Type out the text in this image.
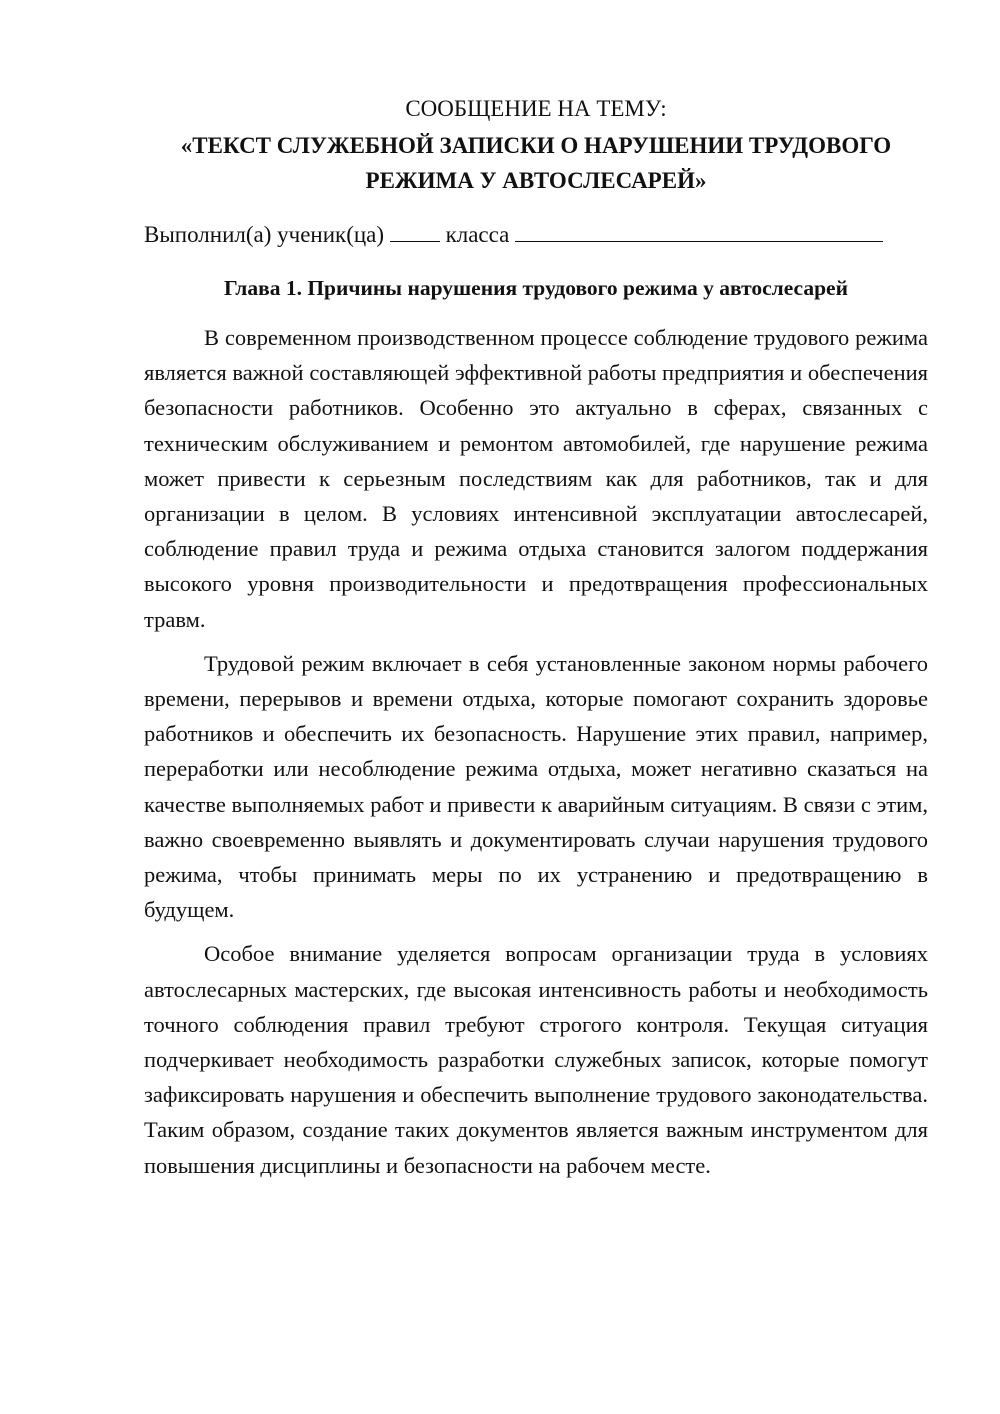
СООБЩЕНИЕ НА ТЕМУ:

«ТЕКСТ СЛУЖЕБНОЙ ЗАПИСКИ О НАРУШЕНИИ ТРУДОВОГО РЕЖИМА У АВТОСЛЕСАРЕЙ»

Выполнил(а) ученик(ца)	класса

Глава 1. Причины нарушения трудового режима у автослесарей

В современном производственном процессе соблюдение трудового режима является важной составляющей эффективной работы предприятия и обеспечения безопасности работников. Особенно это актуально в сферах, связанных с техническим обслуживанием и ремонтом автомобилей, где нарушение режима может привести к серьезным последствиям как для работников, так и для организации в целом. В условиях интенсивной эксплуатации автослесарей, соблюдение правил труда и режима отдыха становится залогом поддержания высокого уровня производительности и предотвращения профессиональных травм.

Трудовой режим включает в себя установленные законом нормы рабочего времени, перерывов и времени отдыха, которые помогают сохранить здоровье работников и обеспечить их безопасность. Нарушение этих правил, например, переработки или несоблюдение режима отдыха, может негативно сказаться на качестве выполняемых работ и привести к аварийным ситуациям. В связи с этим, важно своевременно выявлять и документировать случаи нарушения трудового режима, чтобы принимать меры по их устранению и предотвращению в будущем.

Особое внимание уделяется вопросам организации труда в условиях автослесарных мастерских, где высокая интенсивность работы и необходимость точного соблюдения правил требуют строгого контроля. Текущая ситуация подчеркивает необходимость разработки служебных записок, которые помогут зафиксировать нарушения и обеспечить выполнение трудового законодательства. Таким образом, создание таких документов является важным инструментом для повышения дисциплины и безопасности на рабочем месте.
